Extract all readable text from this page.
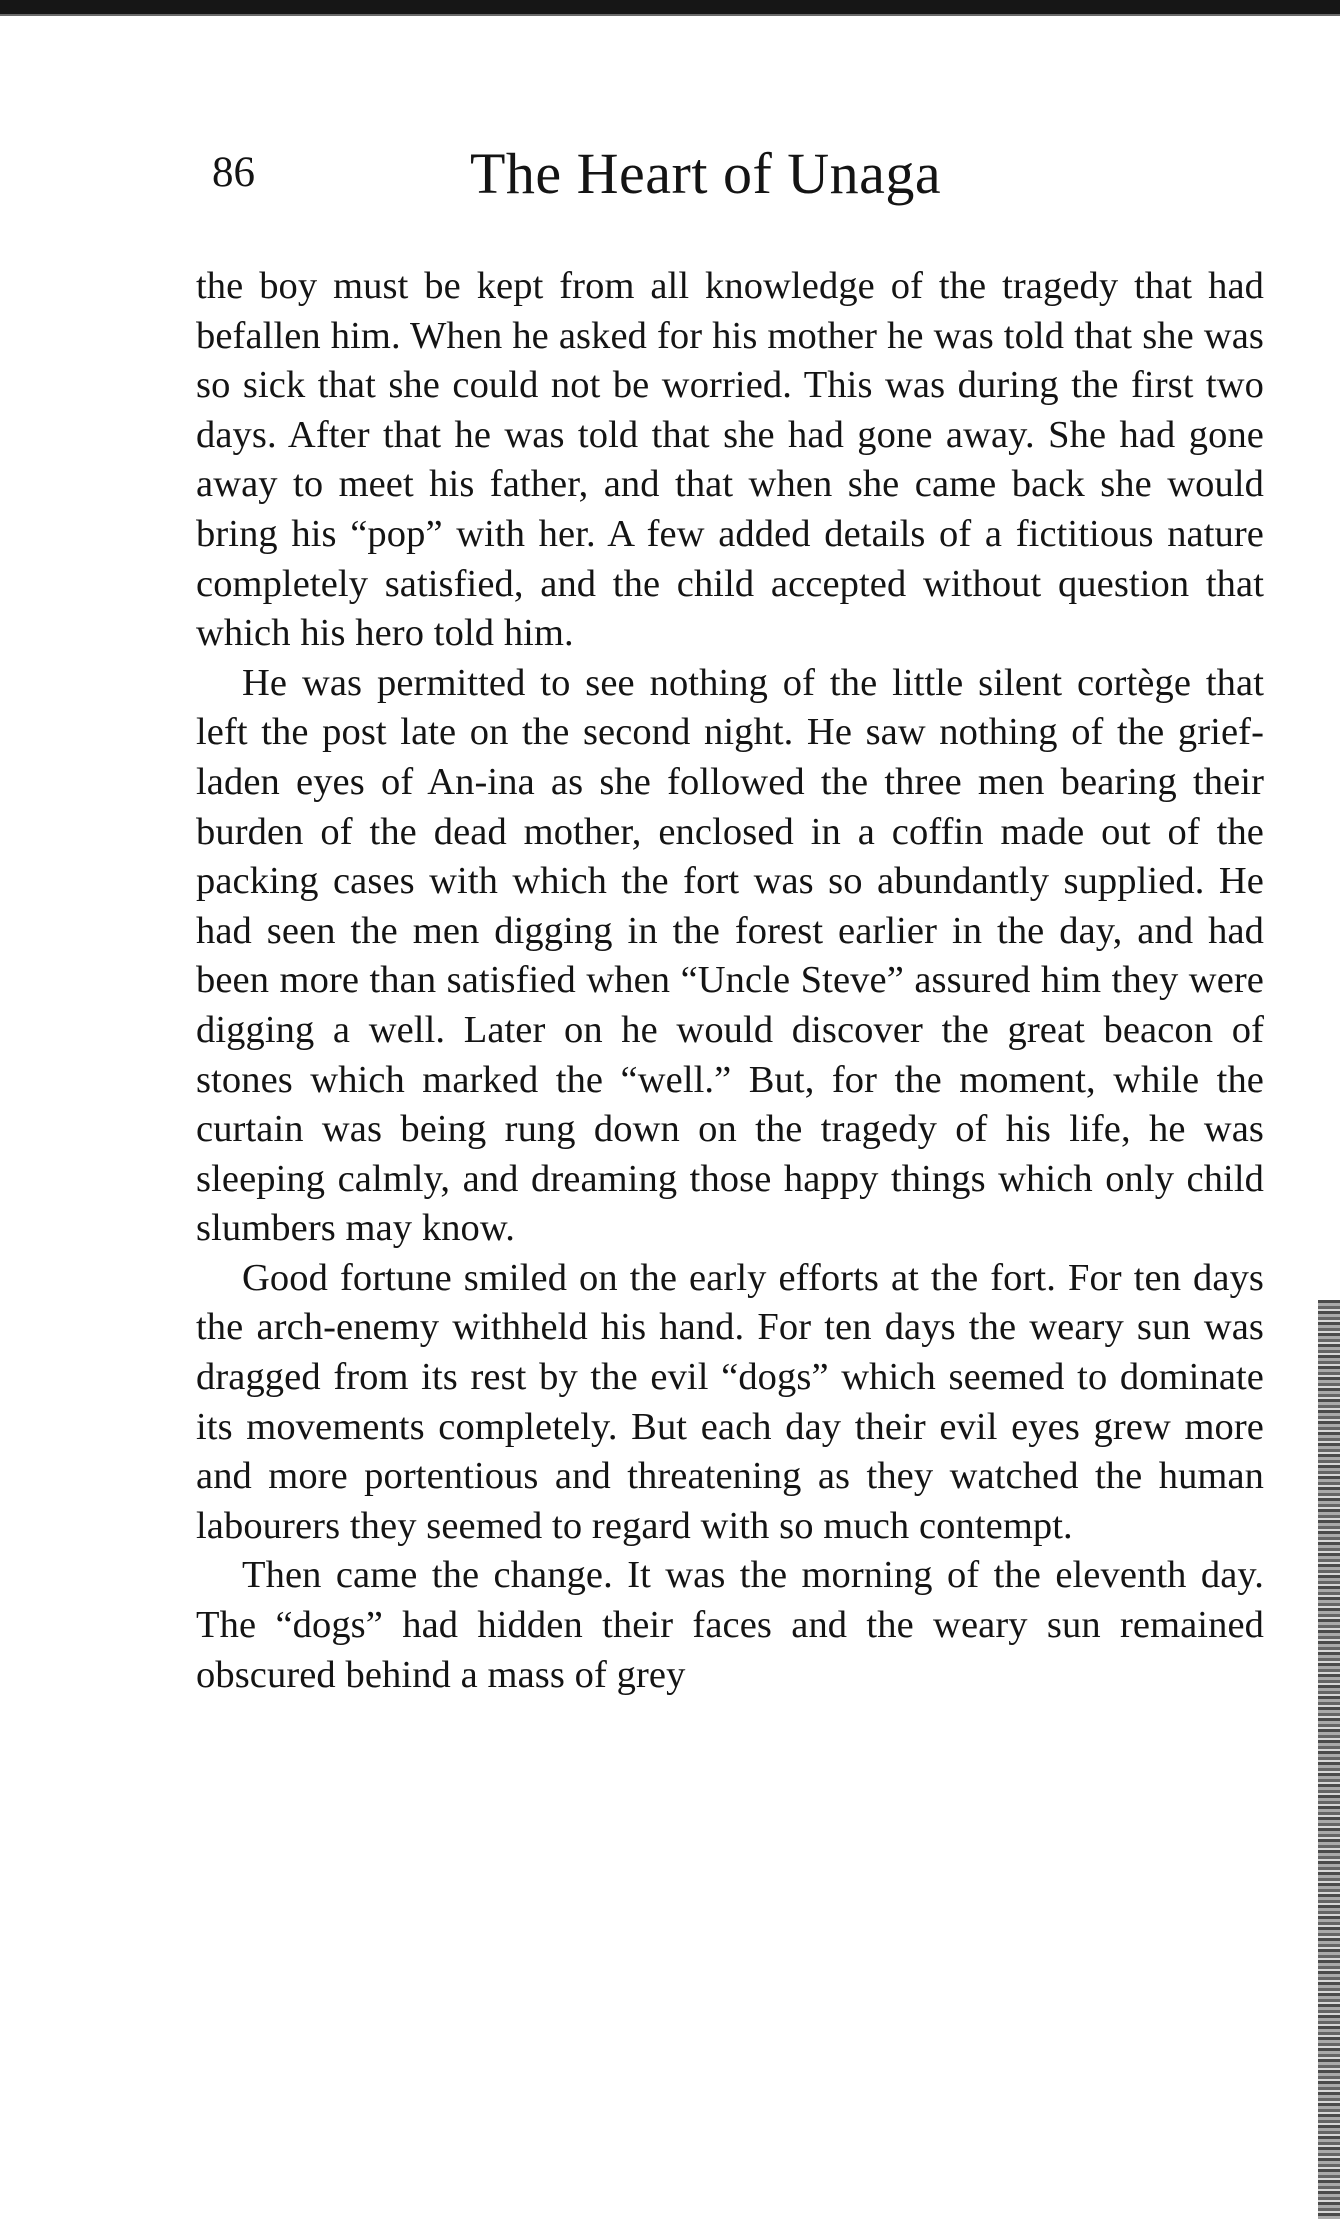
86	The Heart of Unaga

the boy must be kept from all knowledge of the tragedy that had befallen him. When he asked for his mother he was told that she was so sick that she could not be worried. This was during the first two days. After that he was told that she had gone away. She had gone away to meet his father, and that when she came back she would bring his “pop” with her. A few added details of a fictitious nature completely satisfied, and the child accepted without question that which his hero told him.

He was permitted to see nothing of the little silent cortège that left the post late on the second night. He saw nothing of the grief-laden eyes of An-ina as she followed the three men bearing their burden of the dead mother, enclosed in a coffin made out of the packing cases with which the fort was so abundantly supplied. He had seen the men digging in the forest earlier in the day, and had been more than satisfied when “Uncle Steve” assured him they were digging a well. Later on he would discover the great beacon of stones which marked the “well.” But, for the moment, while the curtain was being rung down on the tragedy of his life, he was sleeping calmly, and dreaming those happy things which only child slumbers may know.

Good fortune smiled on the early efforts at the fort. For ten days the arch-enemy withheld his hand. For ten days the weary sun was dragged from its rest by the evil “dogs” which seemed to dominate its movements completely. But each day their evil eyes grew more and more portentious and threatening as they watched the human labourers they seemed to regard with so much contempt.

Then came the change. It was the morning of the eleventh day. The “dogs” had hidden their faces and the weary sun remained obscured behind a mass of grey
